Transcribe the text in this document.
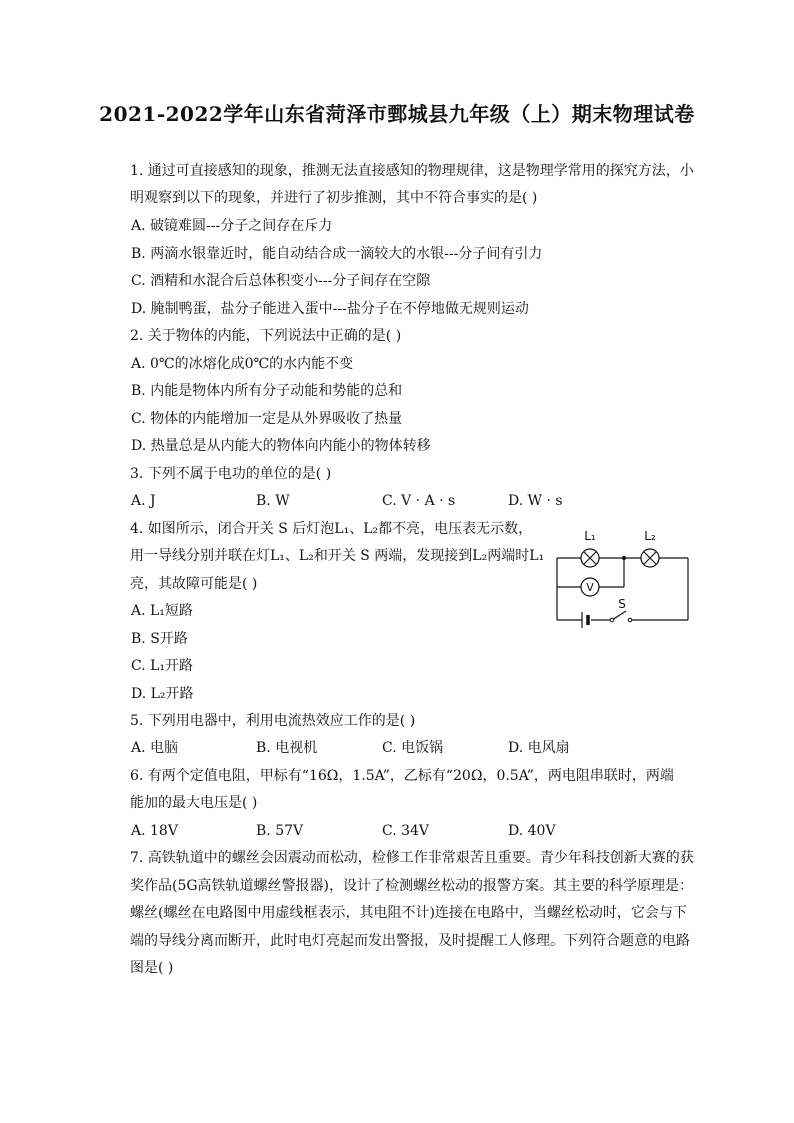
2021-2022学年山东省菏泽市鄄城县九年级（上）期末物理试卷
1. 通过可直接感知的现象，推测无法直接感知的物理规律，这是物理学常用的探究方法，小
明观察到以下的现象，并进行了初步推测，其中不符合事实的是( )
A. 破镜难圆---分子之间存在斥力
B. 两滴水银靠近时，能自动结合成一滴较大的水银---分子间有引力
C. 酒精和水混合后总体积变小---分子间存在空隙
D. 腌制鸭蛋，盐分子能进入蛋中---盐分子在不停地做无规则运动
2. 关于物体的内能，下列说法中正确的是( )
A. 0℃的冰熔化成0℃的水内能不变
B. 内能是物体内所有分子动能和势能的总和
C. 物体的内能增加一定是从外界吸收了热量
D. 热量总是从内能大的物体向内能小的物体转移
3. 下列不属于电功的单位的是( )
A. J	B. W	C. V · A · s	D. W · s
4. 如图所示，闭合开关 S 后灯泡L₁、L₂都不亮，电压表无示数，
用一导线分别并联在灯L₁、L₂和开关 S 两端，发现接到L₂两端时L₁
亮，其故障可能是( )
A. L₁短路
B. S开路
C. L₁开路
D. L₂开路
V
L₁	L₂
S
5. 下列用电器中，利用电流热效应工作的是( )
A. 电脑	B. 电视机	C. 电饭锅	D. 电风扇
6. 有两个定值电阻，甲标有“16Ω，1.5A”，乙标有“20Ω，0.5A”，两电阻串联时，两端
能加的最大电压是( )
A. 18V	B. 57V	C. 34V	D. 40V
7. 高铁轨道中的螺丝会因震动而松动，检修工作非常艰苦且重要。青少年科技创新大赛的获
奖作品(5G高铁轨道螺丝警报器)，设计了检测螺丝松动的报警方案。其主要的科学原理是：
螺丝(螺丝在电路图中用虚线框表示，其电阻不计)连接在电路中，当螺丝松动时，它会与下
端的导线分离而断开，此时电灯亮起而发出警报，及时提醒工人修理。下列符合题意的电路
图是( )
